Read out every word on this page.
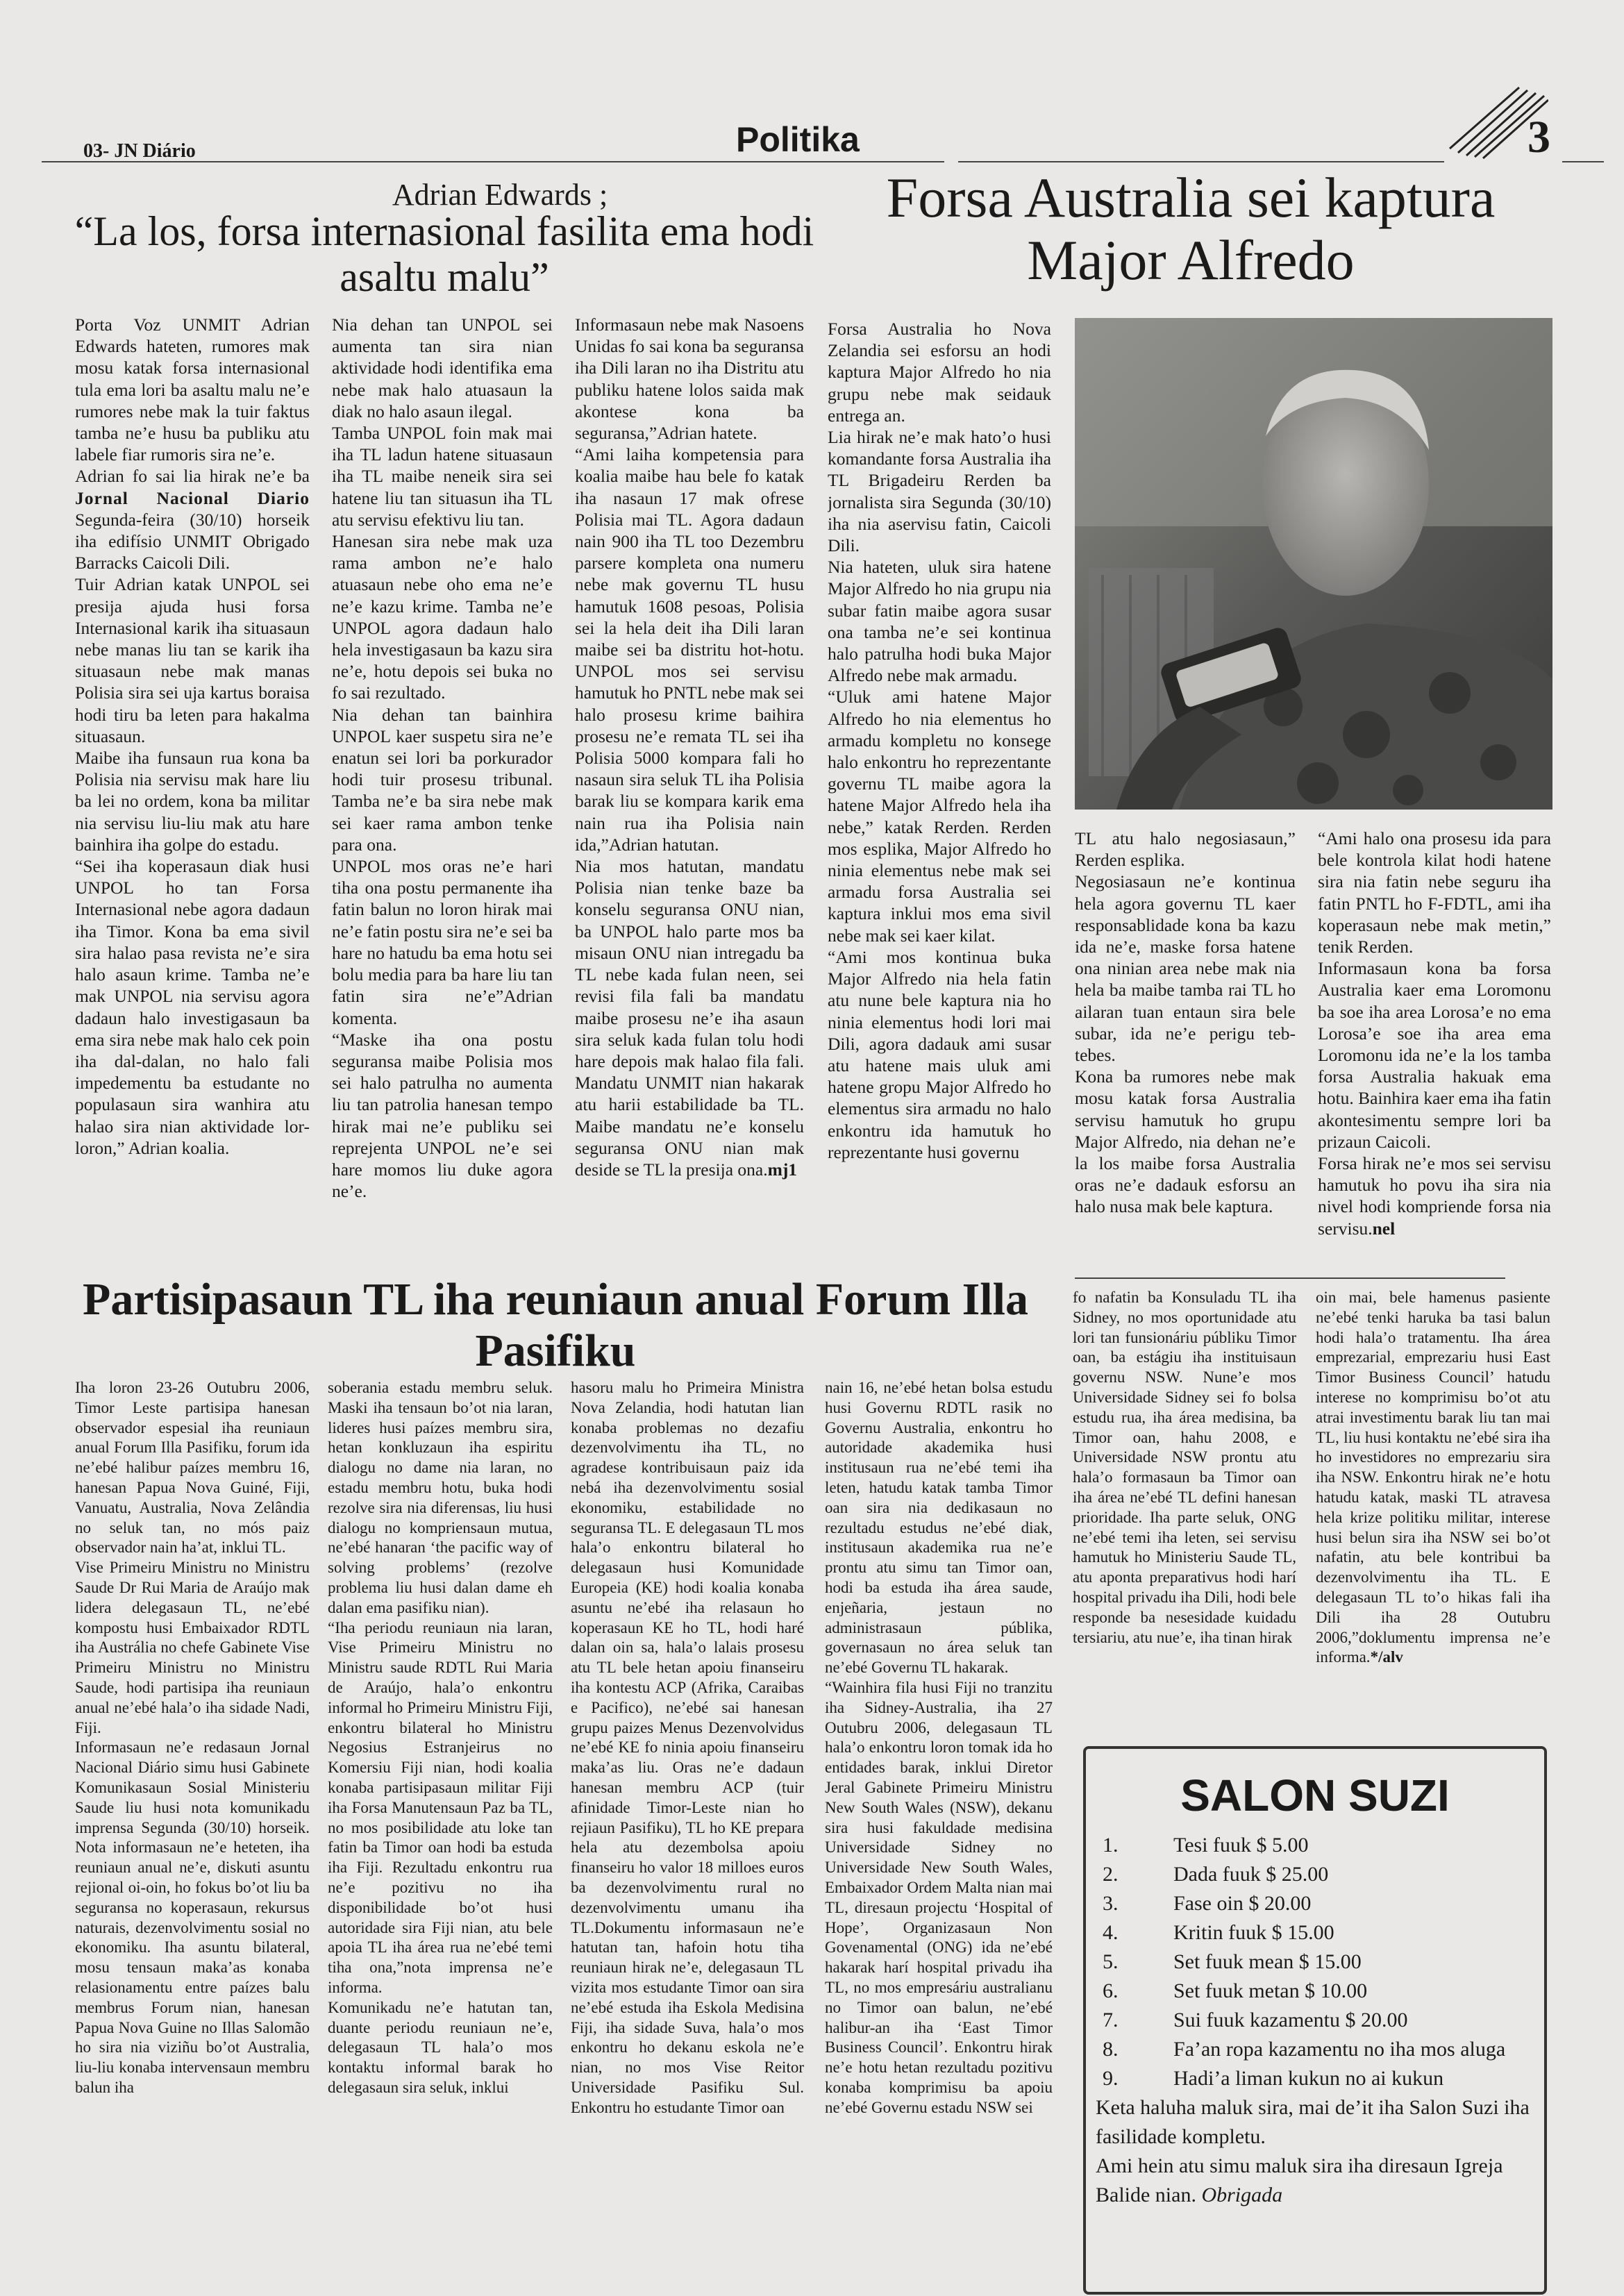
03- JN Diário	Politika	3
Adrian Edwards ;
“La los, forsa internasional fasilita ema hodi asaltu malu”

Porta Voz UNMIT Adrian Edwards hateten, rumores mak mosu katak forsa internasional tula ema lori ba asaltu malu ne’e rumores nebe mak la tuir faktus tamba ne’e husu ba publiku atu labele fiar rumoris sira ne’e.

Adrian fo sai lia hirak ne’e ba Jornal Nacional Diario Segunda-feira (30/10) horseik iha edifísio UNMIT Obrigado Barracks Caicoli Dili.

Tuir Adrian katak UNPOL sei presija ajuda husi forsa Internasional karik iha situasaun nebe manas liu tan se karik iha situasaun nebe mak manas Polisia sira sei uja kartus boraisa hodi tiru ba leten para hakalma situasaun.

Maibe iha funsaun rua kona ba Polisia nia servisu mak hare liu ba lei no ordem, kona ba militar nia servisu liu-liu mak atu hare bainhira iha golpe do estadu.

“Sei iha koperasaun diak husi UNPOL ho tan Forsa Internasional nebe agora dadaun iha Timor. Kona ba ema sivil sira halao pasa revista ne’e sira halo asaun krime. Tamba ne’e mak UNPOL nia servisu agora dadaun halo investigasaun ba ema sira nebe mak halo cek poin iha dal-dalan, no halo fali impedementu ba estudante no populasaun sira wanhira atu halao sira nian aktividade lor-loron,” Adrian koalia.

Nia dehan tan UNPOL sei aumenta tan sira nian aktividade hodi identifika ema nebe mak halo atuasaun la diak no halo asaun ilegal.

Tamba UNPOL foin mak mai iha TL ladun hatene situasaun iha TL maibe neneik sira sei hatene liu tan situasun iha TL atu servisu efektivu liu tan.

Hanesan sira nebe mak uza rama ambon ne’e halo atuasaun nebe oho ema ne’e ne’e kazu krime. Tamba ne’e UNPOL agora dadaun halo hela investigasaun ba kazu sira ne’e, hotu depois sei buka no fo sai rezultado.

Nia dehan tan bainhira UNPOL kaer suspetu sira ne’e enatun sei lori ba porkurador hodi tuir prosesu tribunal. Tamba ne’e ba sira nebe mak sei kaer rama ambon tenke para ona.

UNPOL mos oras ne’e hari tiha ona postu permanente iha fatin balun no loron hirak mai ne’e fatin postu sira ne’e sei ba hare no hatudu ba ema hotu sei bolu media para ba hare liu tan fatin sira ne’e”Adrian komenta.

“Maske iha ona postu seguransa maibe Polisia mos sei halo patrulha no aumenta liu tan patrolia hanesan tempo hirak mai ne’e publiku sei reprejenta UNPOL ne’e sei hare momos liu duke agora ne’e.

Informasaun nebe mak Nasoens Unidas fo sai kona ba seguransa iha Dili laran no iha Distritu atu publiku hatene lolos saida mak akontese kona ba seguransa,”Adrian hatete.

“Ami laiha kompetensia para koalia maibe hau bele fo katak iha nasaun 17 mak ofrese Polisia mai TL. Agora dadaun nain 900 iha TL too Dezembru parsere kompleta ona numeru nebe mak governu TL husu hamutuk 1608 pesoas, Polisia sei la hela deit iha Dili laran maibe sei ba distritu hot-hotu. UNPOL mos sei servisu hamutuk ho PNTL nebe mak sei halo prosesu krime baihira prosesu ne’e remata TL sei iha Polisia 5000 kompara fali ho nasaun sira seluk TL iha Polisia barak liu se kompara karik ema nain rua iha Polisia nain ida,”Adrian hatutan.

Nia mos hatutan, mandatu Polisia nian tenke baze ba konselu seguransa ONU nian, ba UNPOL halo parte mos ba misaun ONU nian intregadu ba TL nebe kada fulan neen, sei revisi fila fali ba mandatu maibe prosesu ne’e iha asaun sira seluk kada fulan tolu hodi hare depois mak halao fila fali. Mandatu UNMIT nian hakarak atu harii estabilidade ba TL. Maibe mandatu ne’e konselu seguransa ONU nian mak deside se TL la presija ona.mj1

Forsa Australia sei kaptura Major Alfredo

Forsa Australia ho Nova Zelandia sei esforsu an hodi kaptura Major Alfredo ho nia grupu nebe mak seidauk entrega an.

Lia hirak ne’e mak hato’o husi komandante forsa Australia iha TL Brigadeiru Rerden ba jornalista sira Segunda (30/10) iha nia aservisu fatin, Caicoli Dili.

Nia hateten, uluk sira hatene Major Alfredo ho nia grupu nia subar fatin maibe agora susar ona tamba ne’e sei kontinua halo patrulha hodi buka Major Alfredo nebe mak armadu.

“Uluk ami hatene Major Alfredo ho nia elementus ho armadu kompletu no konsege halo enkontru ho reprezentante governu TL maibe agora la hatene Major Alfredo hela iha nebe,” katak Rerden. Rerden mos esplika, Major Alfredo ho ninia elementus nebe mak sei armadu forsa Australia sei kaptura inklui mos ema sivil nebe mak sei kaer kilat.

“Ami mos kontinua buka Major Alfredo nia hela fatin atu nune bele kaptura nia ho ninia elementus hodi lori mai Dili, agora dadauk ami susar atu hatene mais uluk ami hatene gropu Major Alfredo ho elementus sira armadu no halo enkontru ida hamutuk ho reprezentante husi governu

TL atu halo negosiasaun,” Rerden esplika.

Negosiasaun ne’e kontinua hela agora governu TL kaer responsablidade kona ba kazu ida ne’e, maske forsa hatene ona ninian area nebe mak nia hela ba maibe tamba rai TL ho ailaran tuan entaun sira bele subar, ida ne’e perigu teb-tebes.

Kona ba rumores nebe mak mosu katak forsa Australia servisu hamutuk ho grupu Major Alfredo, nia dehan ne’e la los maibe forsa Australia oras ne’e dadauk esforsu an halo nusa mak bele kaptura.

“Ami halo ona prosesu ida para bele kontrola kilat hodi hatene sira nia fatin nebe seguru iha fatin PNTL ho F-FDTL, ami iha koperasaun nebe mak metin,” tenik Rerden.

Informasaun kona ba forsa Australia kaer ema Loromonu ba soe iha area Lorosa’e no ema Lorosa’e soe iha area ema Loromonu ida ne’e la los tamba forsa Australia hakuak ema hotu. Bainhira kaer ema iha fatin akontesimentu sempre lori ba prizaun Caicoli.

Forsa hirak ne’e mos sei servisu hamutuk ho povu iha sira nia nivel hodi kompriende forsa nia servisu.nel

Partisipasaun TL iha reuniaun anual Forum Illa Pasifiku

Iha loron 23-26 Outubru 2006, Timor Leste partisipa hanesan observador espesial iha reuniaun anual Forum Illa Pasifiku, forum ida ne’ebé halibur paízes membru 16, hanesan Papua Nova Guiné, Fiji, Vanuatu, Australia, Nova Zelândia no seluk tan, no mós paiz observador nain ha’at, inklui TL.

Vise Primeiru Ministru no Ministru Saude Dr Rui Maria de Araújo mak lidera delegasaun TL, ne’ebé kompostu husi Embaixador RDTL iha Austrália no chefe Gabinete Vise Primeiru Ministru no Ministru Saude, hodi partisipa iha reuniaun anual ne’ebé hala’o iha sidade Nadi, Fiji.

Informasaun ne’e redasaun Jornal Nacional Diário simu husi Gabinete Komunikasaun Sosial Ministeriu Saude liu husi nota komunikadu imprensa Segunda (30/10) horseik. Nota informasaun ne’e heteten, iha reuniaun anual ne’e, diskuti asuntu rejional oi-oin, ho fokus bo’ot liu ba seguransa no koperasaun, rekursus naturais, dezenvolvimentu sosial no ekonomiku. Iha asuntu bilateral, mosu tensaun maka’as konaba relasionamentu entre paízes balu membrus Forum nian, hanesan Papua Nova Guine no Illas Salomão ho sira nia viziñu bo’ot Australia, liu-liu konaba intervensaun membru balun iha

soberania estadu membru seluk. Maski iha tensaun bo’ot nia laran, lideres husi paízes membru sira, hetan konkluzaun iha espiritu dialogu no dame nia laran, no estadu membru hotu, buka hodi rezolve sira nia diferensas, liu husi dialogu no kompriensaun mutua, ne’ebé hanaran ‘the pacific way of solving problems’ (rezolve problema liu husi dalan dame eh dalan ema pasifiku nian).

“Iha periodu reuniaun nia laran, Vise Primeiru Ministru no Ministru saude RDTL Rui Maria de Araújo, hala’o enkontru informal ho Primeiru Ministru Fiji, enkontru bilateral ho Ministru Negosius Estranjeirus no Komersiu Fiji nian, hodi koalia konaba partisipasaun militar Fiji iha Forsa Manutensaun Paz ba TL, no mos posibilidade atu loke tan fatin ba Timor oan hodi ba estuda iha Fiji. Rezultadu enkontru rua ne’e pozitivu no iha disponibilidade bo’ot husi autoridade sira Fiji nian, atu bele apoia TL iha área rua ne’ebé temi tiha ona,”nota imprensa ne’e informa.

Komunikadu ne’e hatutan tan, duante periodu reuniaun ne’e, delegasaun TL hala’o mos kontaktu informal barak ho delegasaun sira seluk, inklui

hasoru malu ho Primeira Ministra Nova Zelandia, hodi hatutan lian konaba problemas no dezafiu dezenvolvimentu iha TL, no agradese kontribuisaun paiz ida nebá iha dezenvolvimentu sosial ekonomiku, estabilidade no seguransa TL. E delegasaun TL mos hala’o enkontru bilateral ho delegasaun husi Komunidade Europeia (KE) hodi koalia konaba asuntu ne’ebé iha relasaun ho koperasaun KE ho TL, hodi haré dalan oin sa, hala’o lalais prosesu atu TL bele hetan apoiu finanseiru iha kontestu ACP (Afrika, Caraibas e Pacifico), ne’ebé sai hanesan grupu paizes Menus Dezenvolvidus ne’ebé KE fo ninia apoiu finanseiru maka’as liu. Oras ne’e dadaun hanesan membru ACP (tuir afinidade Timor-Leste nian ho rejiaun Pasifiku), TL ho KE prepara hela atu dezembolsa apoiu finanseiru ho valor 18 milloes euros ba dezenvolvimentu rural no dezenvolvimentu umanu iha TL.Dokumentu informasaun ne’e hatutan tan, hafoin hotu tiha reuniaun hirak ne’e, delegasaun TL vizita mos estudante Timor oan sira ne’ebé estuda iha Eskola Medisina Fiji, iha sidade Suva, hala’o mos enkontru ho dekanu eskola ne’e nian, no mos Vise Reitor Universidade Pasifiku Sul. Enkontru ho estudante Timor oan

nain 16, ne’ebé hetan bolsa estudu husi Governu RDTL rasik no Governu Australia, enkontru ho autoridade akademika husi institusaun rua ne’ebé temi iha leten, hatudu katak tamba Timor oan sira nia dedikasaun no rezultadu estudus ne’ebé diak, institusaun akademika rua ne’e prontu atu simu tan Timor oan, hodi ba estuda iha área saude, enjeñaria, jestaun no administrasaun públika, governasaun no área seluk tan ne’ebé Governu TL hakarak.

“Wainhira fila husi Fiji no tranzitu iha Sidney-Australia, iha 27 Outubru 2006, delegasaun TL hala’o enkontru loron tomak ida ho entidades barak, inklui Diretor Jeral Gabinete Primeiru Ministru New South Wales (NSW), dekanu sira husi fakuldade medisina Universidade Sidney no Universidade New South Wales, Embaixador Ordem Malta nian mai TL, diresaun projectu ‘Hospital of Hope’, Organizasaun Non Govenamental (ONG) ida ne’ebé hakarak harí hospital privadu iha TL, no mos empresáriu australianu no Timor oan balun, ne’ebé halibur-an iha ‘East Timor Business Council’. Enkontru hirak ne’e hotu hetan rezultadu pozitivu konaba komprimisu ba apoiu ne’ebé Governu estadu NSW sei

fo nafatin ba Konsuladu TL iha Sidney, no mos oportunidade atu lori tan funsionáriu públiku Timor oan, ba estágiu iha instituisaun governu NSW. Nune’e mos Universidade Sidney sei fo bolsa estudu rua, iha área medisina, ba Timor oan, hahu 2008, e Universidade NSW prontu atu hala’o formasaun ba Timor oan iha área ne’ebé TL defini hanesan prioridade. Iha parte seluk, ONG ne’ebé temi iha leten, sei servisu hamutuk ho Ministeriu Saude TL, atu aponta preparativus hodi harí hospital privadu iha Dili, hodi bele responde ba nesesidade kuidadu tersiariu, atu nue’e, iha tinan hirak

oin mai, bele hamenus pasiente ne’ebé tenki haruka ba tasi balun hodi hala’o tratamentu. Iha área emprezarial, emprezariu husi East Timor Business Council’ hatudu interese no komprimisu bo’ot atu atrai investimentu barak liu tan mai TL, liu husi kontaktu ne’ebé sira iha ho investidores no emprezariu sira iha NSW. Enkontru hirak ne’e hotu hatudu katak, maski TL atravesa hela krize politiku militar, interese husi belun sira iha NSW sei bo’ot nafatin, atu bele kontribui ba dezenvolvimentu iha TL. E delegasaun TL to’o hikas fali iha Dili iha 28 Outubru 2006,”doklumentu imprensa ne’e informa.*/alv

SALON SUZI
1.	Tesi fuuk $ 5.00
2.	Dada fuuk $ 25.00
3.	Fase oin $ 20.00
4.	Kritin fuuk $ 15.00
5.	Set fuuk mean $ 15.00
6.	Set fuuk metan $ 10.00
7.	Sui fuuk kazamentu $ 20.00
8.	Fa’an ropa kazamentu no iha mos aluga
9.	Hadi’a liman kukun no ai kukun
Keta haluha maluk sira, mai de’it iha Salon Suzi iha fasilidade kompletu.
Ami hein atu simu maluk sira iha diresaun Igreja Balide nian. Obrigada
